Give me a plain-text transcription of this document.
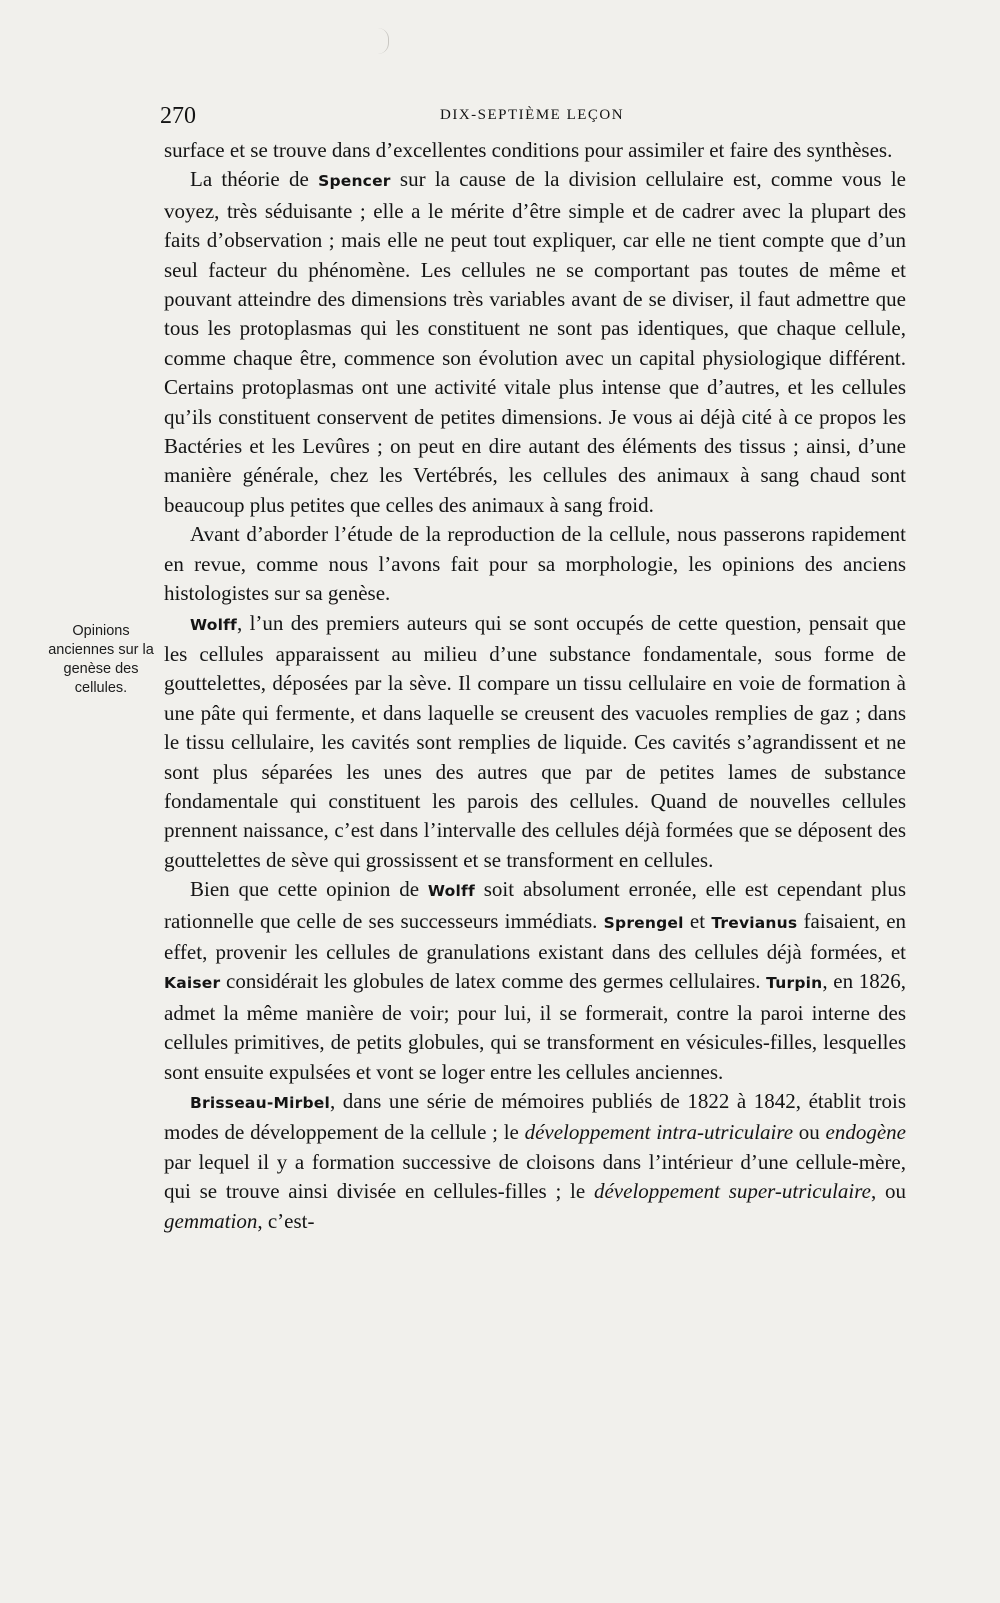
270	DIX-SEPTIÈME LEÇON
Opinions anciennes sur la genèse des cellules.

surface et se trouve dans d’excellentes conditions pour assimiler et faire des synthèses.

La théorie de Spencer sur la cause de la division cellulaire est, comme vous le voyez, très séduisante ; elle a le mérite d’être simple et de cadrer avec la plupart des faits d’observation ; mais elle ne peut tout expliquer, car elle ne tient compte que d’un seul facteur du phénomène. Les cellules ne se comportant pas toutes de même et pouvant atteindre des dimensions très variables avant de se diviser, il faut admettre que tous les protoplasmas qui les constituent ne sont pas identiques, que chaque cellule, comme chaque être, commence son évolution avec un capital physiologique différent. Certains protoplasmas ont une activité vitale plus intense que d’autres, et les cellules qu’ils constituent conservent de petites dimensions. Je vous ai déjà cité à ce propos les Bactéries et les Levûres ; on peut en dire autant des éléments des tissus ; ainsi, d’une manière générale, chez les Vertébrés, les cellules des animaux à sang chaud sont beaucoup plus petites que celles des animaux à sang froid.

Avant d’aborder l’étude de la reproduction de la cellule, nous passerons rapidement en revue, comme nous l’avons fait pour sa morphologie, les opinions des anciens histologistes sur sa genèse.

Wolff, l’un des premiers auteurs qui se sont occupés de cette question, pensait que les cellules apparaissent au milieu d’une substance fondamentale, sous forme de gouttelettes, déposées par la sève. Il compare un tissu cellulaire en voie de formation à une pâte qui fermente, et dans laquelle se creusent des vacuoles remplies de gaz ; dans le tissu cellulaire, les cavités sont remplies de liquide. Ces cavités s’agrandissent et ne sont plus séparées les unes des autres que par de petites lames de substance fondamentale qui constituent les parois des cellules. Quand de nouvelles cellules prennent naissance, c’est dans l’intervalle des cellules déjà formées que se déposent des gouttelettes de sève qui grossissent et se transforment en cellules.

Bien que cette opinion de Wolff soit absolument erronée, elle est cependant plus rationnelle que celle de ses successeurs immédiats. Sprengel et Trevianus faisaient, en effet, provenir les cellules de granulations existant dans des cellules déjà formées, et Kaiser considérait les globules de latex comme des germes cellulaires. Turpin, en 1826, admet la même manière de voir; pour lui, il se formerait, contre la paroi interne des cellules primitives, de petits globules, qui se transforment en vésicules-filles, lesquelles sont ensuite expulsées et vont se loger entre les cellules anciennes.

Brisseau-Mirbel, dans une série de mémoires publiés de 1822 à 1842, établit trois modes de développement de la cellule ; le développement intra-utriculaire ou endogène par lequel il y a formation successive de cloisons dans l’intérieur d’une cellule-mère, qui se trouve ainsi divisée en cellules-filles ; le développement super-utriculaire, ou gemmation, c’est-
